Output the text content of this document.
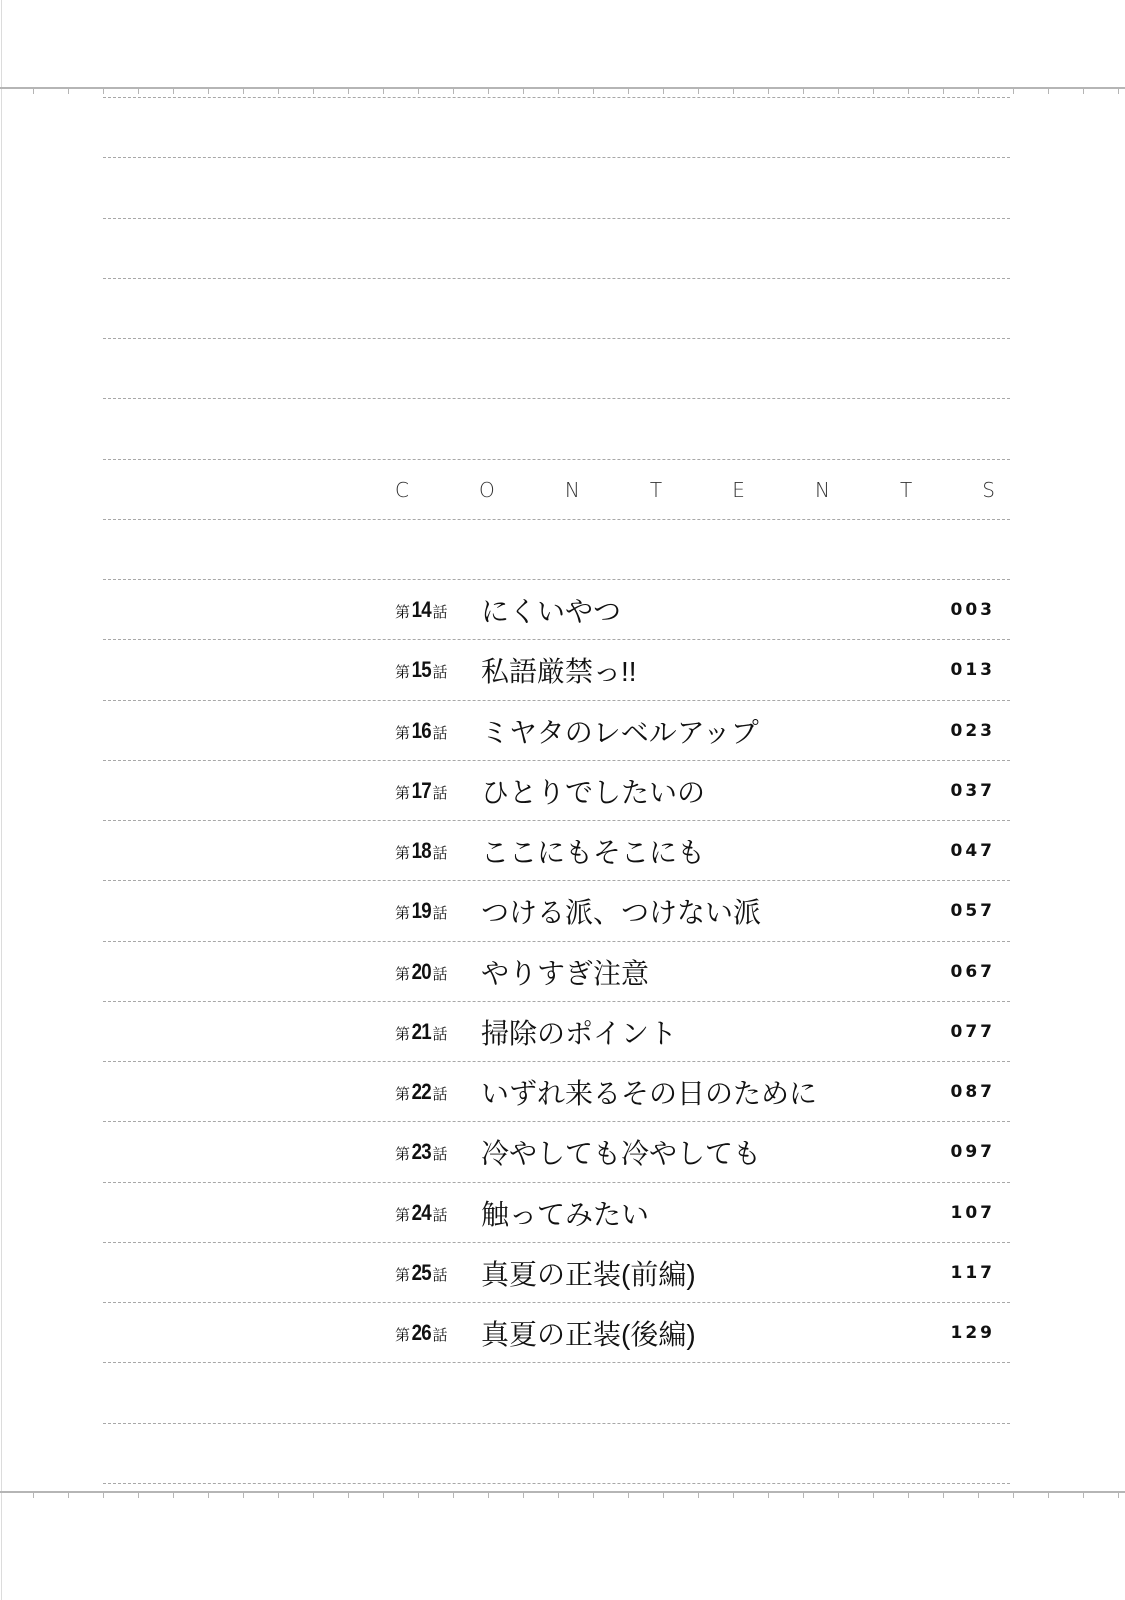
C	O	N	T	E	N	T	S
第 14 話 にくいやつ	003
第 15 話 私語厳禁っ!!	013
第 16 話 ミヤタのレベルアップ	023
第 17 話 ひとりでしたいの	037
第 18 話 ここにもそこにも	047
第 19 話 つける派、つけない派	057
第 20 話 やりすぎ注意	067
第 21 話 掃除のポイント	077
第 22 話 いずれ来るその日のために	087
第 23 話 冷やしても冷やしても	097
第 24 話 触ってみたい	107
第 25 話 真夏の正装(前編)	117
第 26 話 真夏の正装(後編)	129
